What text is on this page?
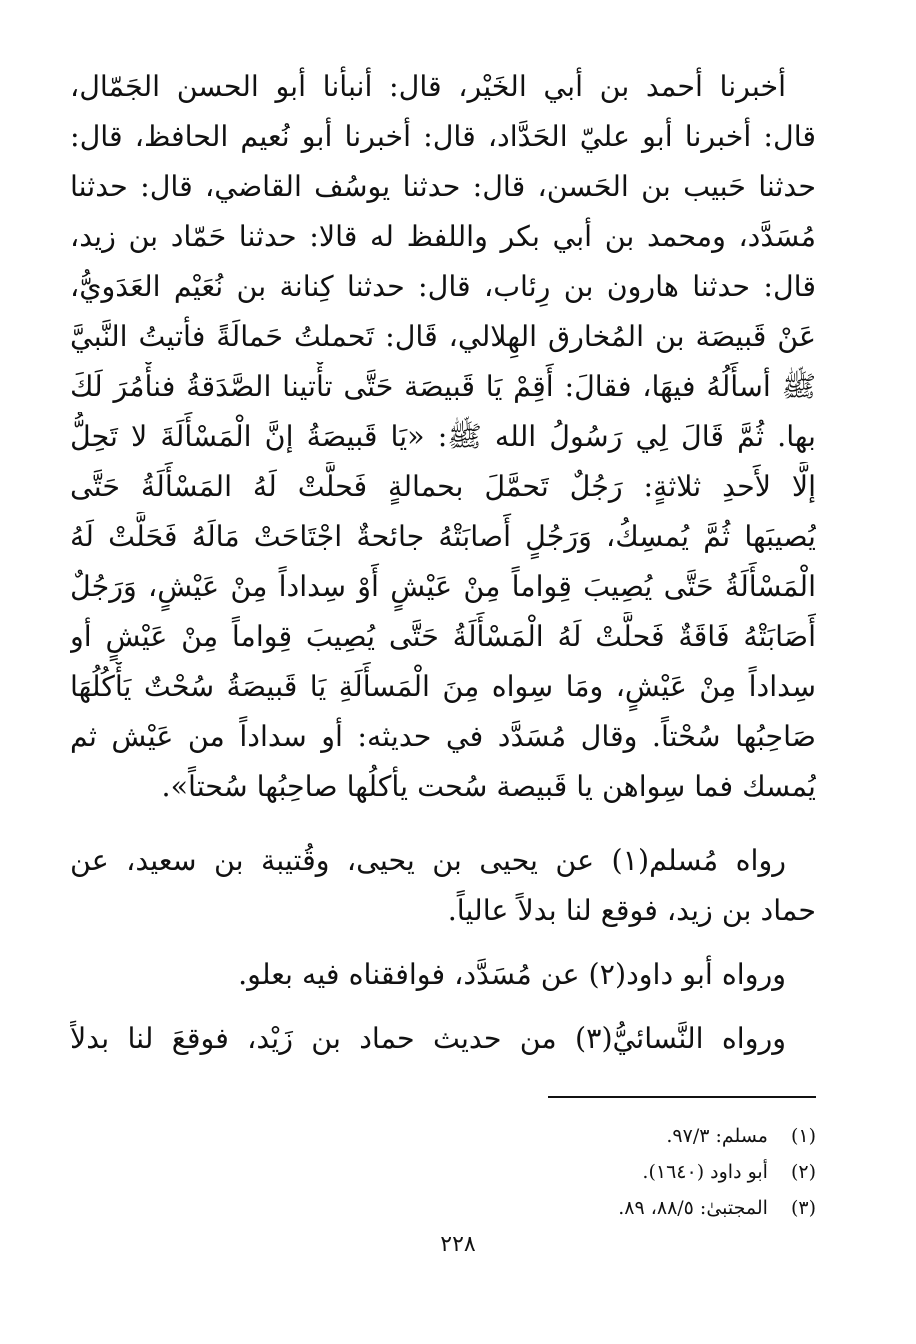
أخبرنا أحمد بن أبي الخَيْر، قال: أنبأنا أبو الحسن الجَمّال،
قال: أخبرنا أبو عليّ الحَدَّاد، قال: أخبرنا أبو نُعيم الحافظ، قال:
حدثنا حَبيب بن الحَسن، قال: حدثنا يوسُف القاضي، قال: حدثنا
مُسَدَّد، ومحمد بن أبي بكر واللفظ له قالا: حدثنا حَمّاد بن زيد،
قال: حدثنا هارون بن رِئاب، قال: حدثنا كِنانة بن نُعَيْم العَدَويُّ،
عَنْ قَبيصَة بن المُخارق الهِلالي، قَال: تَحملتُ حَمالَةً فأتيتُ النَّبيَّ
ﷺ أسأَلُهُ فيهَا، فقالَ: أَقِمْ يَا قَبيصَة حَتَّى تأْتينا الصَّدَقةُ فنأْمُرَ لَكَ
بها. ثُمَّ قَالَ لِي رَسُولُ الله ﷺ: «يَا قَبيصَةُ إنَّ الْمَسْأَلَةَ لا تَحِلُّ
إلَّا لأَحدِ ثلاثةٍ: رَجُلٌ تَحمَّلَ بحمالةٍ فَحلَّتْ لَهُ المَسْأَلَةُ حَتَّى
يُصيبَها ثُمَّ يُمسِكُ، وَرَجُلٍ أَصابَتْهُ جائحةٌ اجْتَاحَتْ مَالَهُ فَحَلَّتْ لَهُ
الْمَسْأَلَةُ حَتَّى يُصِيبَ قِواماً مِنْ عَيْشٍ أَوْ سِداداً مِنْ عَيْشٍ، وَرَجُلٌ
أَصَابَتْهُ فَاقَةٌ فَحلَّتْ لَهُ الْمَسْأَلَةُ حَتَّى يُصِيبَ قِواماً مِنْ عَيْشٍ أو
سِداداً مِنْ عَيْشٍ، ومَا سِواه مِنَ الْمَسأَلَةِ يَا قَبيصَةُ سُحْتٌ يَأْكُلُهَا
صَاحِبُها سُحْتاً. وقال مُسَدَّد في حديثه: أو سداداً من عَيْش ثم
يُمسك فما سِواهن يا قَبيصة سُحت يأكلُها صاحِبُها سُحتاً».

رواه مُسلم(١) عن يحيى بن يحيى، وقُتيبة بن سعيد، عن
حماد بن زيد، فوقع لنا بدلاً عالياً.

ورواه أبو داود(٢) عن مُسَدَّد، فوافقناه فيه بعلو.

ورواه النَّسائيُّ(٣) من حديث حماد بن زَيْد، فوقعَ لنا بدلاً

(١) مسلم: ٩٧/٣.
(٢) أبو داود (١٦٤٠).
(٣) المجتبىٰ: ٨٨/٥، ٨٩.
٢٢٨
